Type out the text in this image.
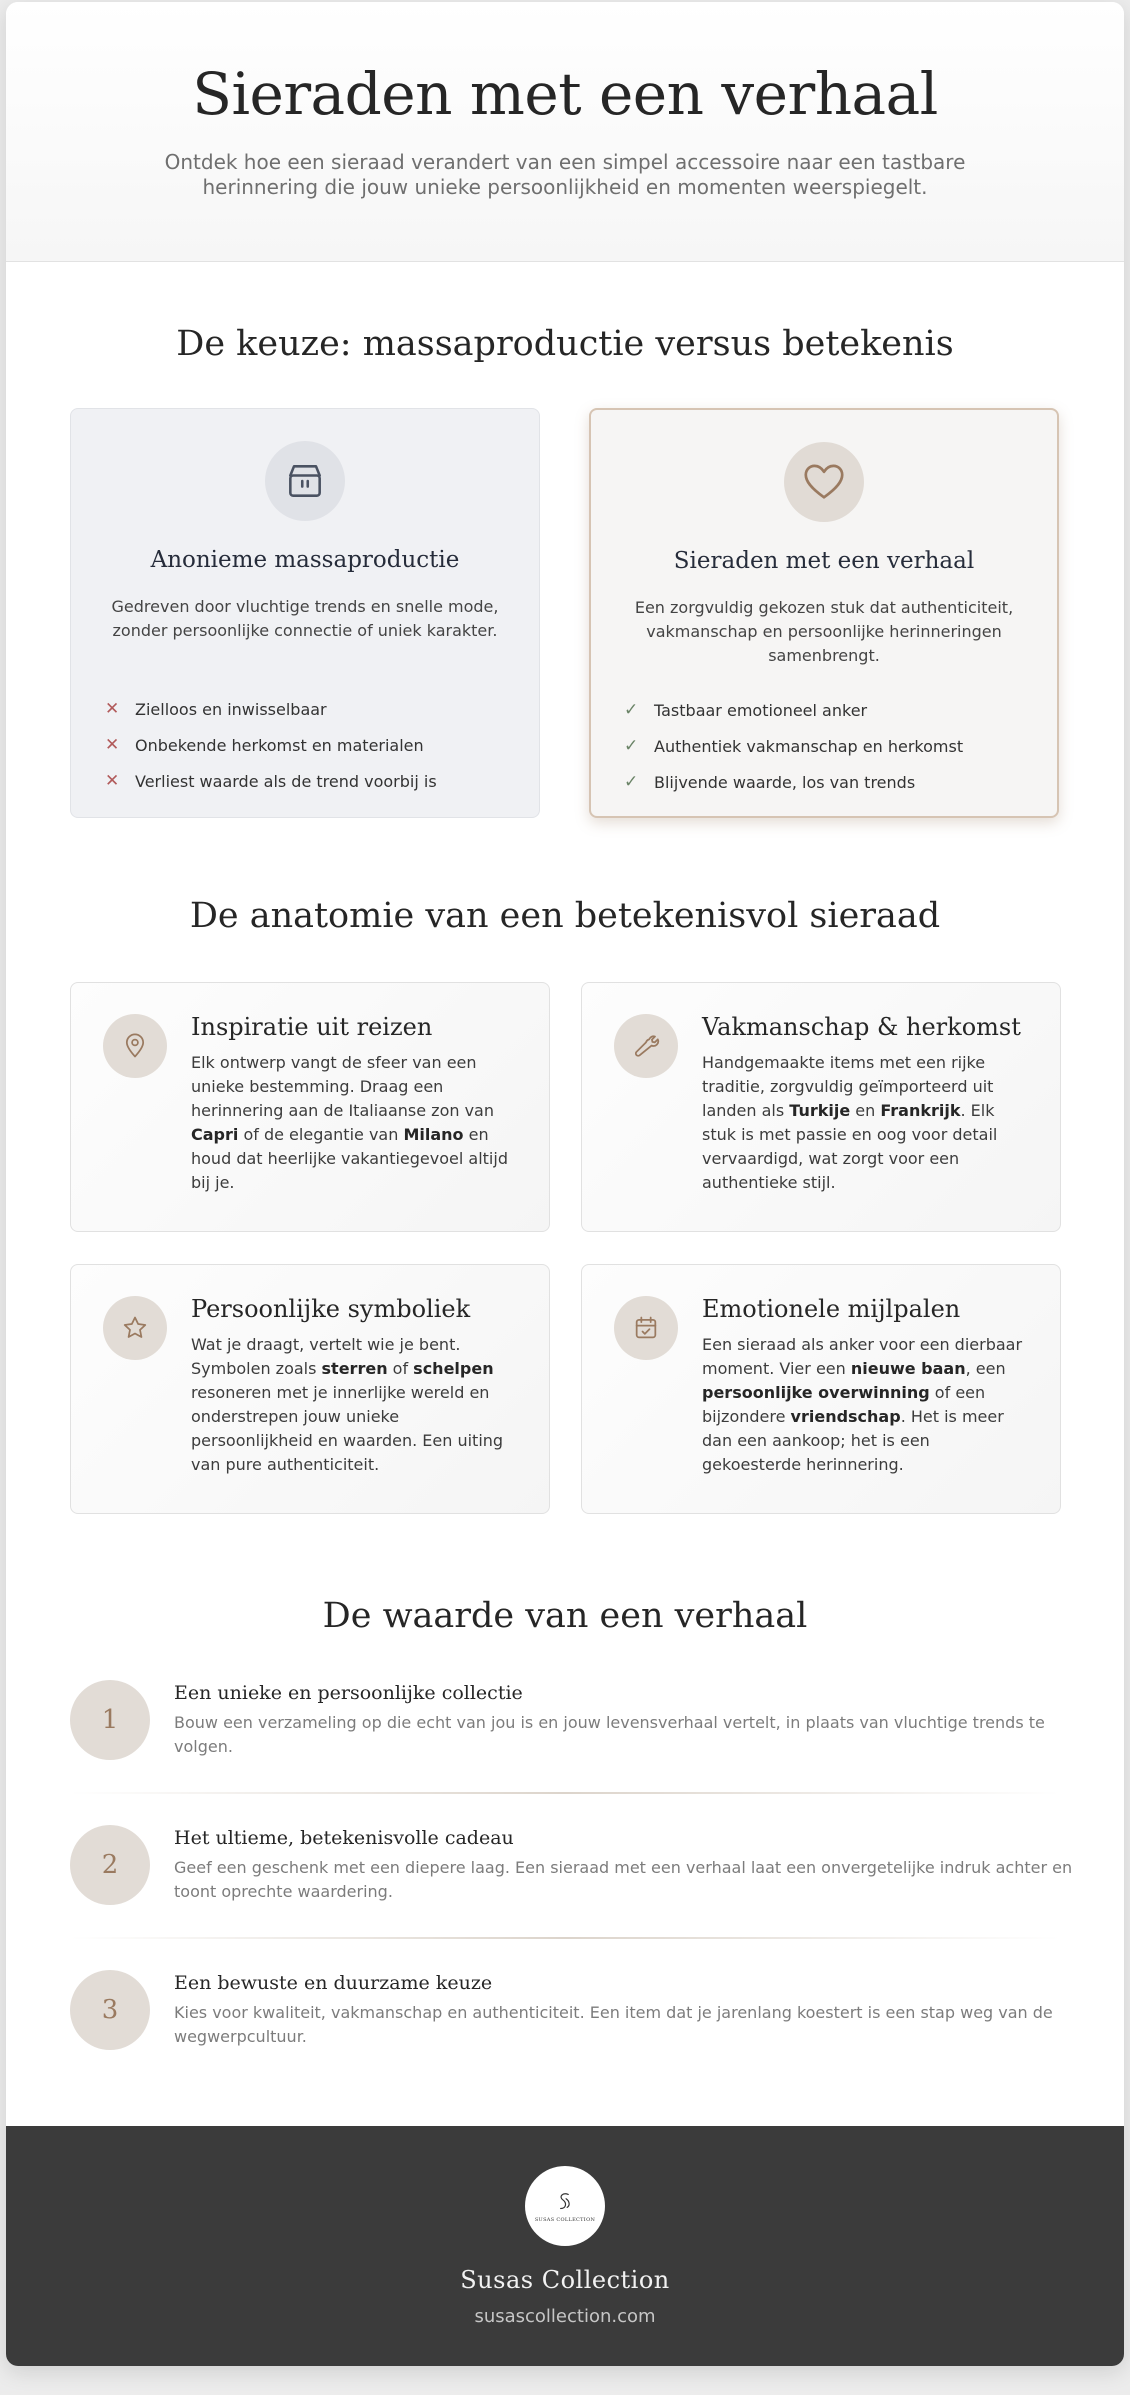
Sieraden met een verhaal

Ontdek hoe een sieraad verandert van een simpel accessoire naar een tastbare herinnering die jouw unieke persoonlijkheid en momenten weerspiegelt.

De keuze: massaproductie versus betekenis
Anonieme massaproductie

Gedreven door vluchtige trends en snelle mode, zonder persoonlijke connectie of uniek karakter.

✕ Zielloos en inwisselbaar
✕ Onbekende herkomst en materialen
✕ Verliest waarde als de trend voorbij is
Sieraden met een verhaal

Een zorgvuldig gekozen stuk dat authenticiteit, vakmanschap en persoonlijke herinneringen samenbrengt.

✓ Tastbaar emotioneel anker
✓ Authentiek vakmanschap en herkomst
✓ Blijvende waarde, los van trends
De anatomie van een betekenisvol sieraad
Inspiratie uit reizen

Elk ontwerp vangt de sfeer van een unieke bestemming. Draag een herinnering aan de Italiaanse zon van Capri of de elegantie van Milano en houd dat heerlijke vakantiegevoel altijd bij je.

Vakmanschap & herkomst

Handgemaakte items met een rijke traditie, zorgvuldig geïmporteerd uit landen als Turkije en Frankrijk. Elk stuk is met passie en oog voor detail vervaardigd, wat zorgt voor een authentieke stijl.

Persoonlijke symboliek

Wat je draagt, vertelt wie je bent. Symbolen zoals sterren of schelpen resoneren met je innerlijke wereld en onderstrepen jouw unieke persoonlijkheid en waarden. Een uiting van pure authenticiteit.

Emotionele mijlpalen

Een sieraad als anker voor een dierbaar moment. Vier een nieuwe baan, een persoonlijke overwinning of een bijzondere vriendschap. Het is meer dan een aankoop; het is een gekoesterde herinnering.

De waarde van een verhaal
1
Een unieke en persoonlijke collectie

Bouw een verzameling op die echt van jou is en jouw levensverhaal vertelt, in plaats van vluchtige trends te volgen.

2
Het ultieme, betekenisvolle cadeau

Geef een geschenk met een diepere laag. Een sieraad met een verhaal laat een onvergetelijke indruk achter en toont oprechte waardering.

3
Een bewuste en duurzame keuze

Kies voor kwaliteit, vakmanschap en authenticiteit. Een item dat je jarenlang koestert is een stap weg van de wegwerpcultuur.

SUSAS COLLECTION
Susas Collection
susascollection.com
